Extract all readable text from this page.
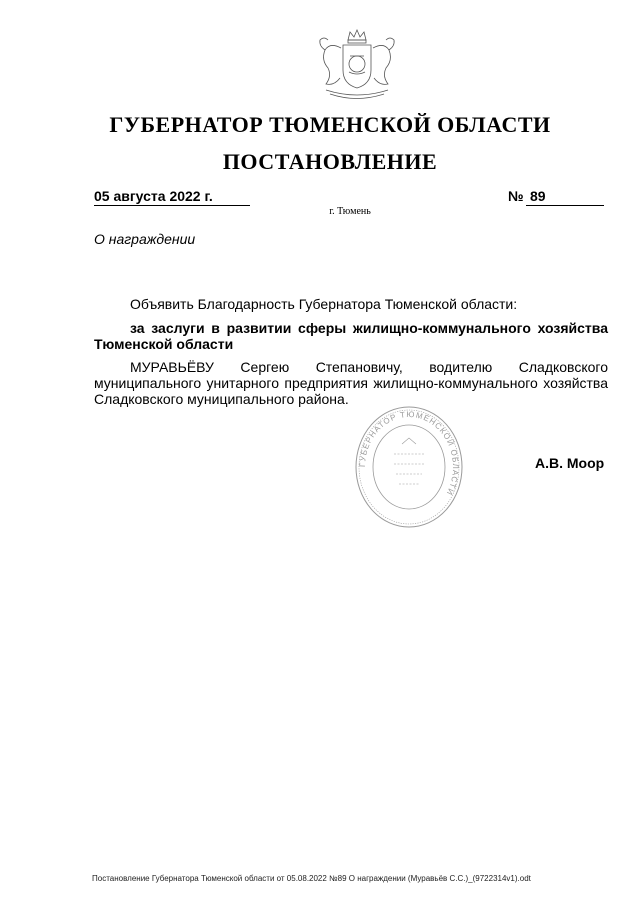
ГУБЕРНАТОР ТЮМЕНСКОЙ ОБЛАСТИ
ПОСТАНОВЛЕНИЕ
05 августа 2022 г.	№ 89
г. Тюмень
О награждении
Объявить Благодарность Губернатора Тюменской области:
за заслуги в развитии сферы жилищно-коммунального хозяйства Тюменской области
МУРАВЬЁВУ Сергею Степановичу, водителю Сладковского муниципального унитарного предприятия жилищно-коммунального хозяйства Сладковского муниципального района.
ГУБЕРНАТОР ТЮМЕНСКОЙ ОБЛАСТИ
А.В. Моор
Постановление Губернатора Тюменской области от 05.08.2022 №89 О награждении (Муравьёв С.С.)_(9722314v1).odt
